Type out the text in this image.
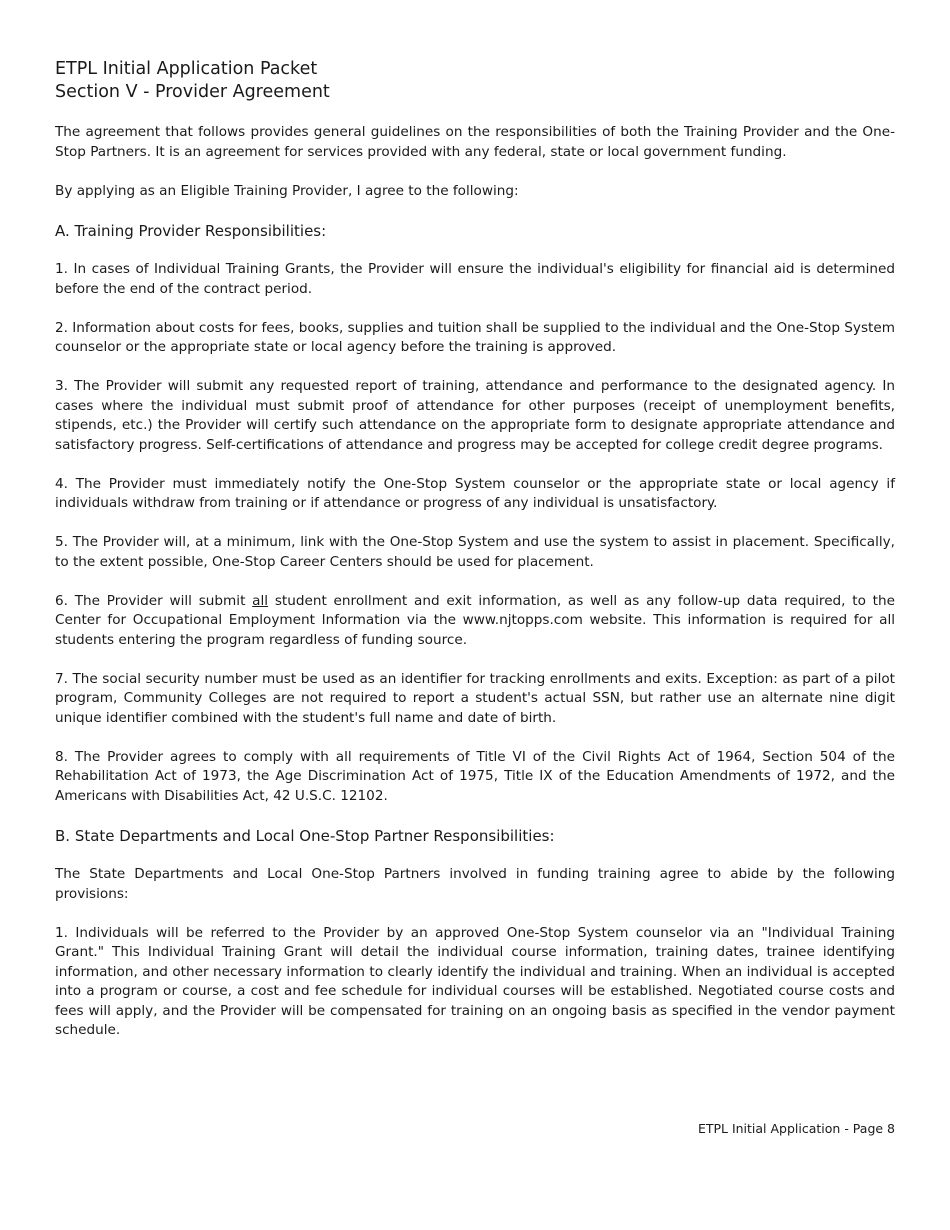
ETPL Initial Application Packet
Section V - Provider Agreement

The agreement that follows provides general guidelines on the responsibilities of both the Training Provider and the One-Stop Partners. It is an agreement for services provided with any federal, state or local government funding.

By applying as an Eligible Training Provider, I agree to the following:

A. Training Provider Responsibilities:

1. In cases of Individual Training Grants, the Provider will ensure the individual's eligibility for financial aid is determined before the end of the contract period.

2. Information about costs for fees, books, supplies and tuition shall be supplied to the individual and the One-Stop System counselor or the appropriate state or local agency before the training is approved.

3. The Provider will submit any requested report of training, attendance and performance to the designated agency. In cases where the individual must submit proof of attendance for other purposes (receipt of unemployment benefits, stipends, etc.) the Provider will certify such attendance on the appropriate form to designate appropriate attendance and satisfactory progress. Self-certifications of attendance and progress may be accepted for college credit degree programs.

4. The Provider must immediately notify the One-Stop System counselor or the appropriate state or local agency if individuals withdraw from training or if attendance or progress of any individual is unsatisfactory.

5. The Provider will, at a minimum, link with the One-Stop System and use the system to assist in placement. Specifically, to the extent possible, One-Stop Career Centers should be used for placement.

6. The Provider will submit all student enrollment and exit information, as well as any follow-up data required, to the Center for Occupational Employment Information via the www.njtopps.com website. This information is required for all students entering the program regardless of funding source.

7. The social security number must be used as an identifier for tracking enrollments and exits. Exception: as part of a pilot program, Community Colleges are not required to report a student's actual SSN, but rather use an alternate nine digit unique identifier combined with the student's full name and date of birth.

8. The Provider agrees to comply with all requirements of Title VI of the Civil Rights Act of 1964, Section 504 of the Rehabilitation Act of 1973, the Age Discrimination Act of 1975, Title IX of the Education Amendments of 1972, and the Americans with Disabilities Act, 42 U.S.C. 12102.

B. State Departments and Local One-Stop Partner Responsibilities:

The State Departments and Local One-Stop Partners involved in funding training agree to abide by the following provisions:

1. Individuals will be referred to the Provider by an approved One-Stop System counselor via an "Individual Training Grant." This Individual Training Grant will detail the individual course information, training dates, trainee identifying information, and other necessary information to clearly identify the individual and training. When an individual is accepted into a program or course, a cost and fee schedule for individual courses will be established. Negotiated course costs and fees will apply, and the Provider will be compensated for training on an ongoing basis as specified in the vendor payment schedule.

ETPL Initial Application - Page 8
